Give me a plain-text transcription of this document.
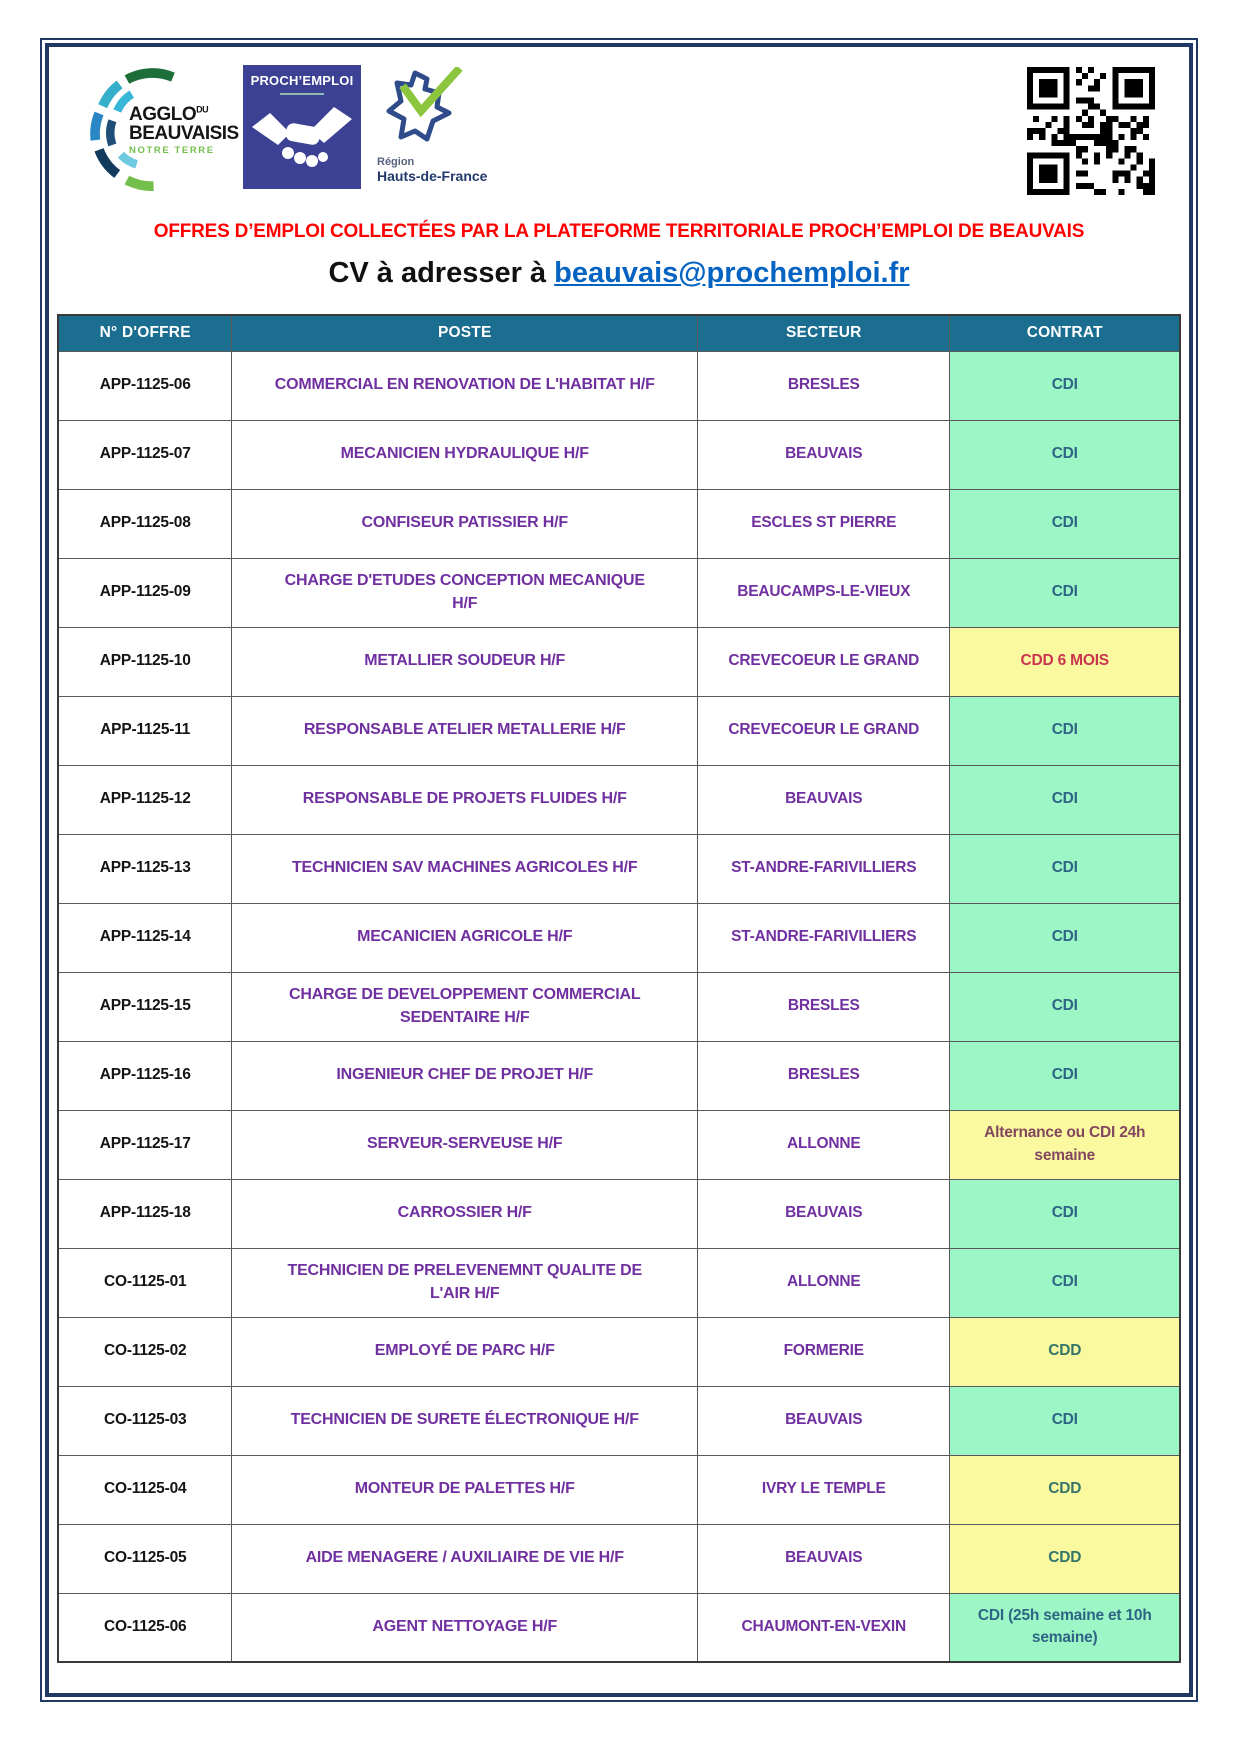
$AGGLO^{DU}$
BEAUVAISIS
NOTRE TERRE
PROCH’EMPLOI
Région
Hauts-de-France
OFFRES D’EMPLOI COLLECTÉES PAR LA PLATEFORME TERRITORIALE PROCH’EMPLOI DE BEAUVAIS
CV à adresser à beauvais@prochemploi.fr
N° D'OFFRE	POSTE	SECTEUR	CONTRAT
APP-1125-06	COMMERCIAL EN RENOVATION DE L'HABITAT H/F	BRESLES	CDI
APP-1125-07	MECANICIEN HYDRAULIQUE H/F	BEAUVAIS	CDI
APP-1125-08	CONFISEUR PATISSIER H/F	ESCLES ST PIERRE	CDI
APP-1125-09	CHARGE D'ETUDES CONCEPTION MECANIQUE H/F	BEAUCAMPS-LE-VIEUX	CDI
APP-1125-10	METALLIER SOUDEUR H/F	CREVECOEUR LE GRAND	CDD 6 MOIS
APP-1125-11	RESPONSABLE ATELIER METALLERIE H/F	CREVECOEUR LE GRAND	CDI
APP-1125-12	RESPONSABLE DE PROJETS FLUIDES H/F	BEAUVAIS	CDI
APP-1125-13	TECHNICIEN SAV MACHINES AGRICOLES H/F	ST-ANDRE-FARIVILLIERS	CDI
APP-1125-14	MECANICIEN AGRICOLE H/F	ST-ANDRE-FARIVILLIERS	CDI
APP-1125-15	CHARGE DE DEVELOPPEMENT COMMERCIAL SEDENTAIRE H/F	BRESLES	CDI
APP-1125-16	INGENIEUR CHEF DE PROJET H/F	BRESLES	CDI
APP-1125-17	SERVEUR-SERVEUSE H/F	ALLONNE	Alternance ou CDI 24h semaine
APP-1125-18	CARROSSIER H/F	BEAUVAIS	CDI
CO-1125-01	TECHNICIEN DE PRELEVENEMNT QUALITE DE L'AIR H/F	ALLONNE	CDI
CO-1125-02	EMPLOYÉ DE PARC H/F	FORMERIE	CDD
CO-1125-03	TECHNICIEN DE SURETE ÉLECTRONIQUE H/F	BEAUVAIS	CDI
CO-1125-04	MONTEUR DE PALETTES H/F	IVRY LE TEMPLE	CDD
CO-1125-05	AIDE MENAGERE / AUXILIAIRE DE VIE H/F	BEAUVAIS	CDD
CO-1125-06	AGENT NETTOYAGE H/F	CHAUMONT-EN-VEXIN	CDI (25h semaine et 10h semaine)
